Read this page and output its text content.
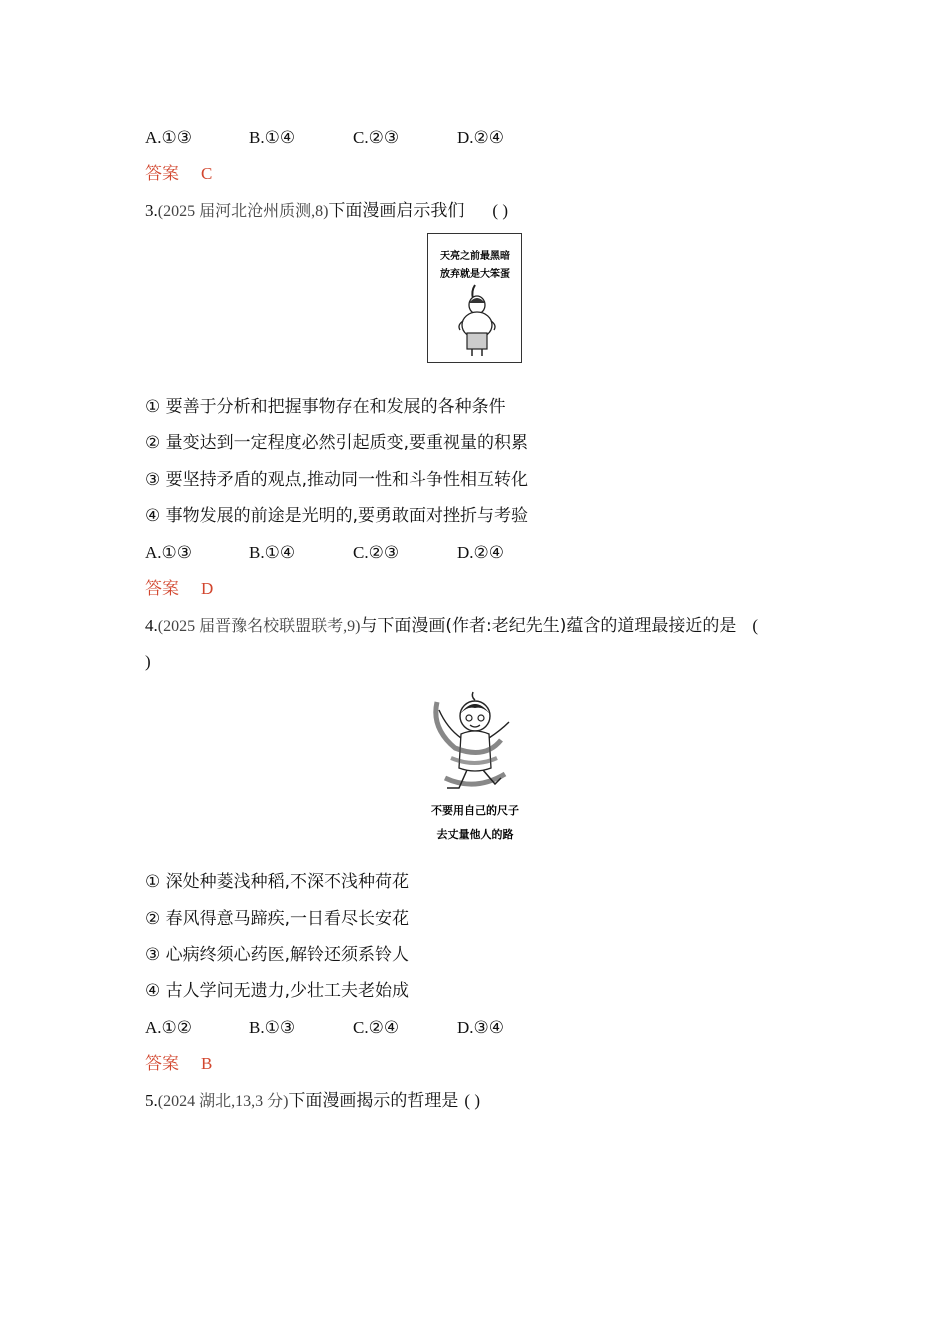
A.①③	B.①④	C.②③	D.②④
答案 C
3.(2025 届河北沧州质测,8)下面漫画启示我们 ( )
天亮之前最黑暗
放弃就是大笨蛋
① 要善于分析和把握事物存在和发展的各种条件
② 量变达到一定程度必然引起质变,要重视量的积累
③ 要坚持矛盾的观点,推动同一性和斗争性相互转化
④ 事物发展的前途是光明的,要勇敢面对挫折与考验
A.①③	B.①④	C.②③	D.②④
答案 D
4.(2025 届晋豫名校联盟联考,9)与下面漫画(作者:老纪先生)蕴含的道理最接近的是 (
)
不要用自己的尺子
去丈量他人的路
① 深处种菱浅种稻,不深不浅种荷花
② 春风得意马蹄疾,一日看尽长安花
③ 心病终须心药医,解铃还须系铃人
④ 古人学问无遗力,少壮工夫老始成
A.①②	B.①③	C.②④	D.③④
答案 B
5.(2024 湖北,13,3 分)下面漫画揭示的哲理是 ( )
